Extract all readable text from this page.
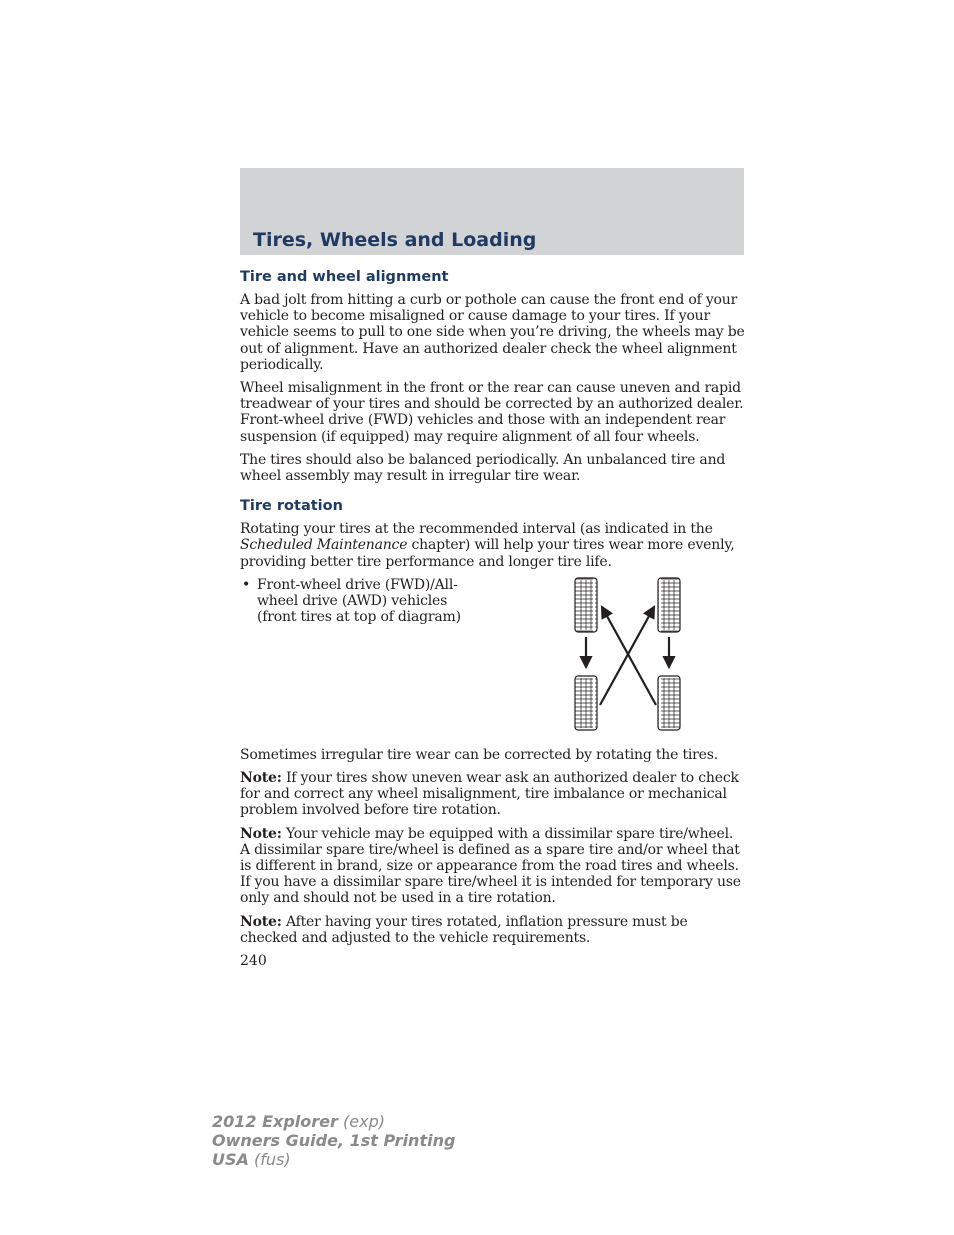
Tires, Wheels and Loading
Tire and wheel alignment

A bad jolt from hitting a curb or pothole can cause the front end of your vehicle to become misaligned or cause damage to your tires. If your vehicle seems to pull to one side when you’re driving, the wheels may be out of alignment. Have an authorized dealer check the wheel alignment periodically.

Wheel misalignment in the front or the rear can cause uneven and rapid treadwear of your tires and should be corrected by an authorized dealer. Front-wheel drive (FWD) vehicles and those with an independent rear suspension (if equipped) may require alignment of all four wheels.

The tires should also be balanced periodically. An unbalanced tire and wheel assembly may result in irregular tire wear.

Tire rotation

Rotating your tires at the recommended interval (as indicated in the Scheduled Maintenance chapter) will help your tires wear more evenly, providing better tire performance and longer tire life.

• Front-wheel drive (FWD)/All-wheel drive (AWD) vehicles (front tires at top of diagram)

Sometimes irregular tire wear can be corrected by rotating the tires.

Note: If your tires show uneven wear ask an authorized dealer to check for and correct any wheel misalignment, tire imbalance or mechanical problem involved before tire rotation.

Note: Your vehicle may be equipped with a dissimilar spare tire/wheel. A dissimilar spare tire/wheel is defined as a spare tire and/or wheel that is different in brand, size or appearance from the road tires and wheels. If you have a dissimilar spare tire/wheel it is intended for temporary use only and should not be used in a tire rotation.

Note: After having your tires rotated, inflation pressure must be checked and adjusted to the vehicle requirements.

240
2012 Explorer (exp)
Owners Guide, 1st Printing
USA (fus)
